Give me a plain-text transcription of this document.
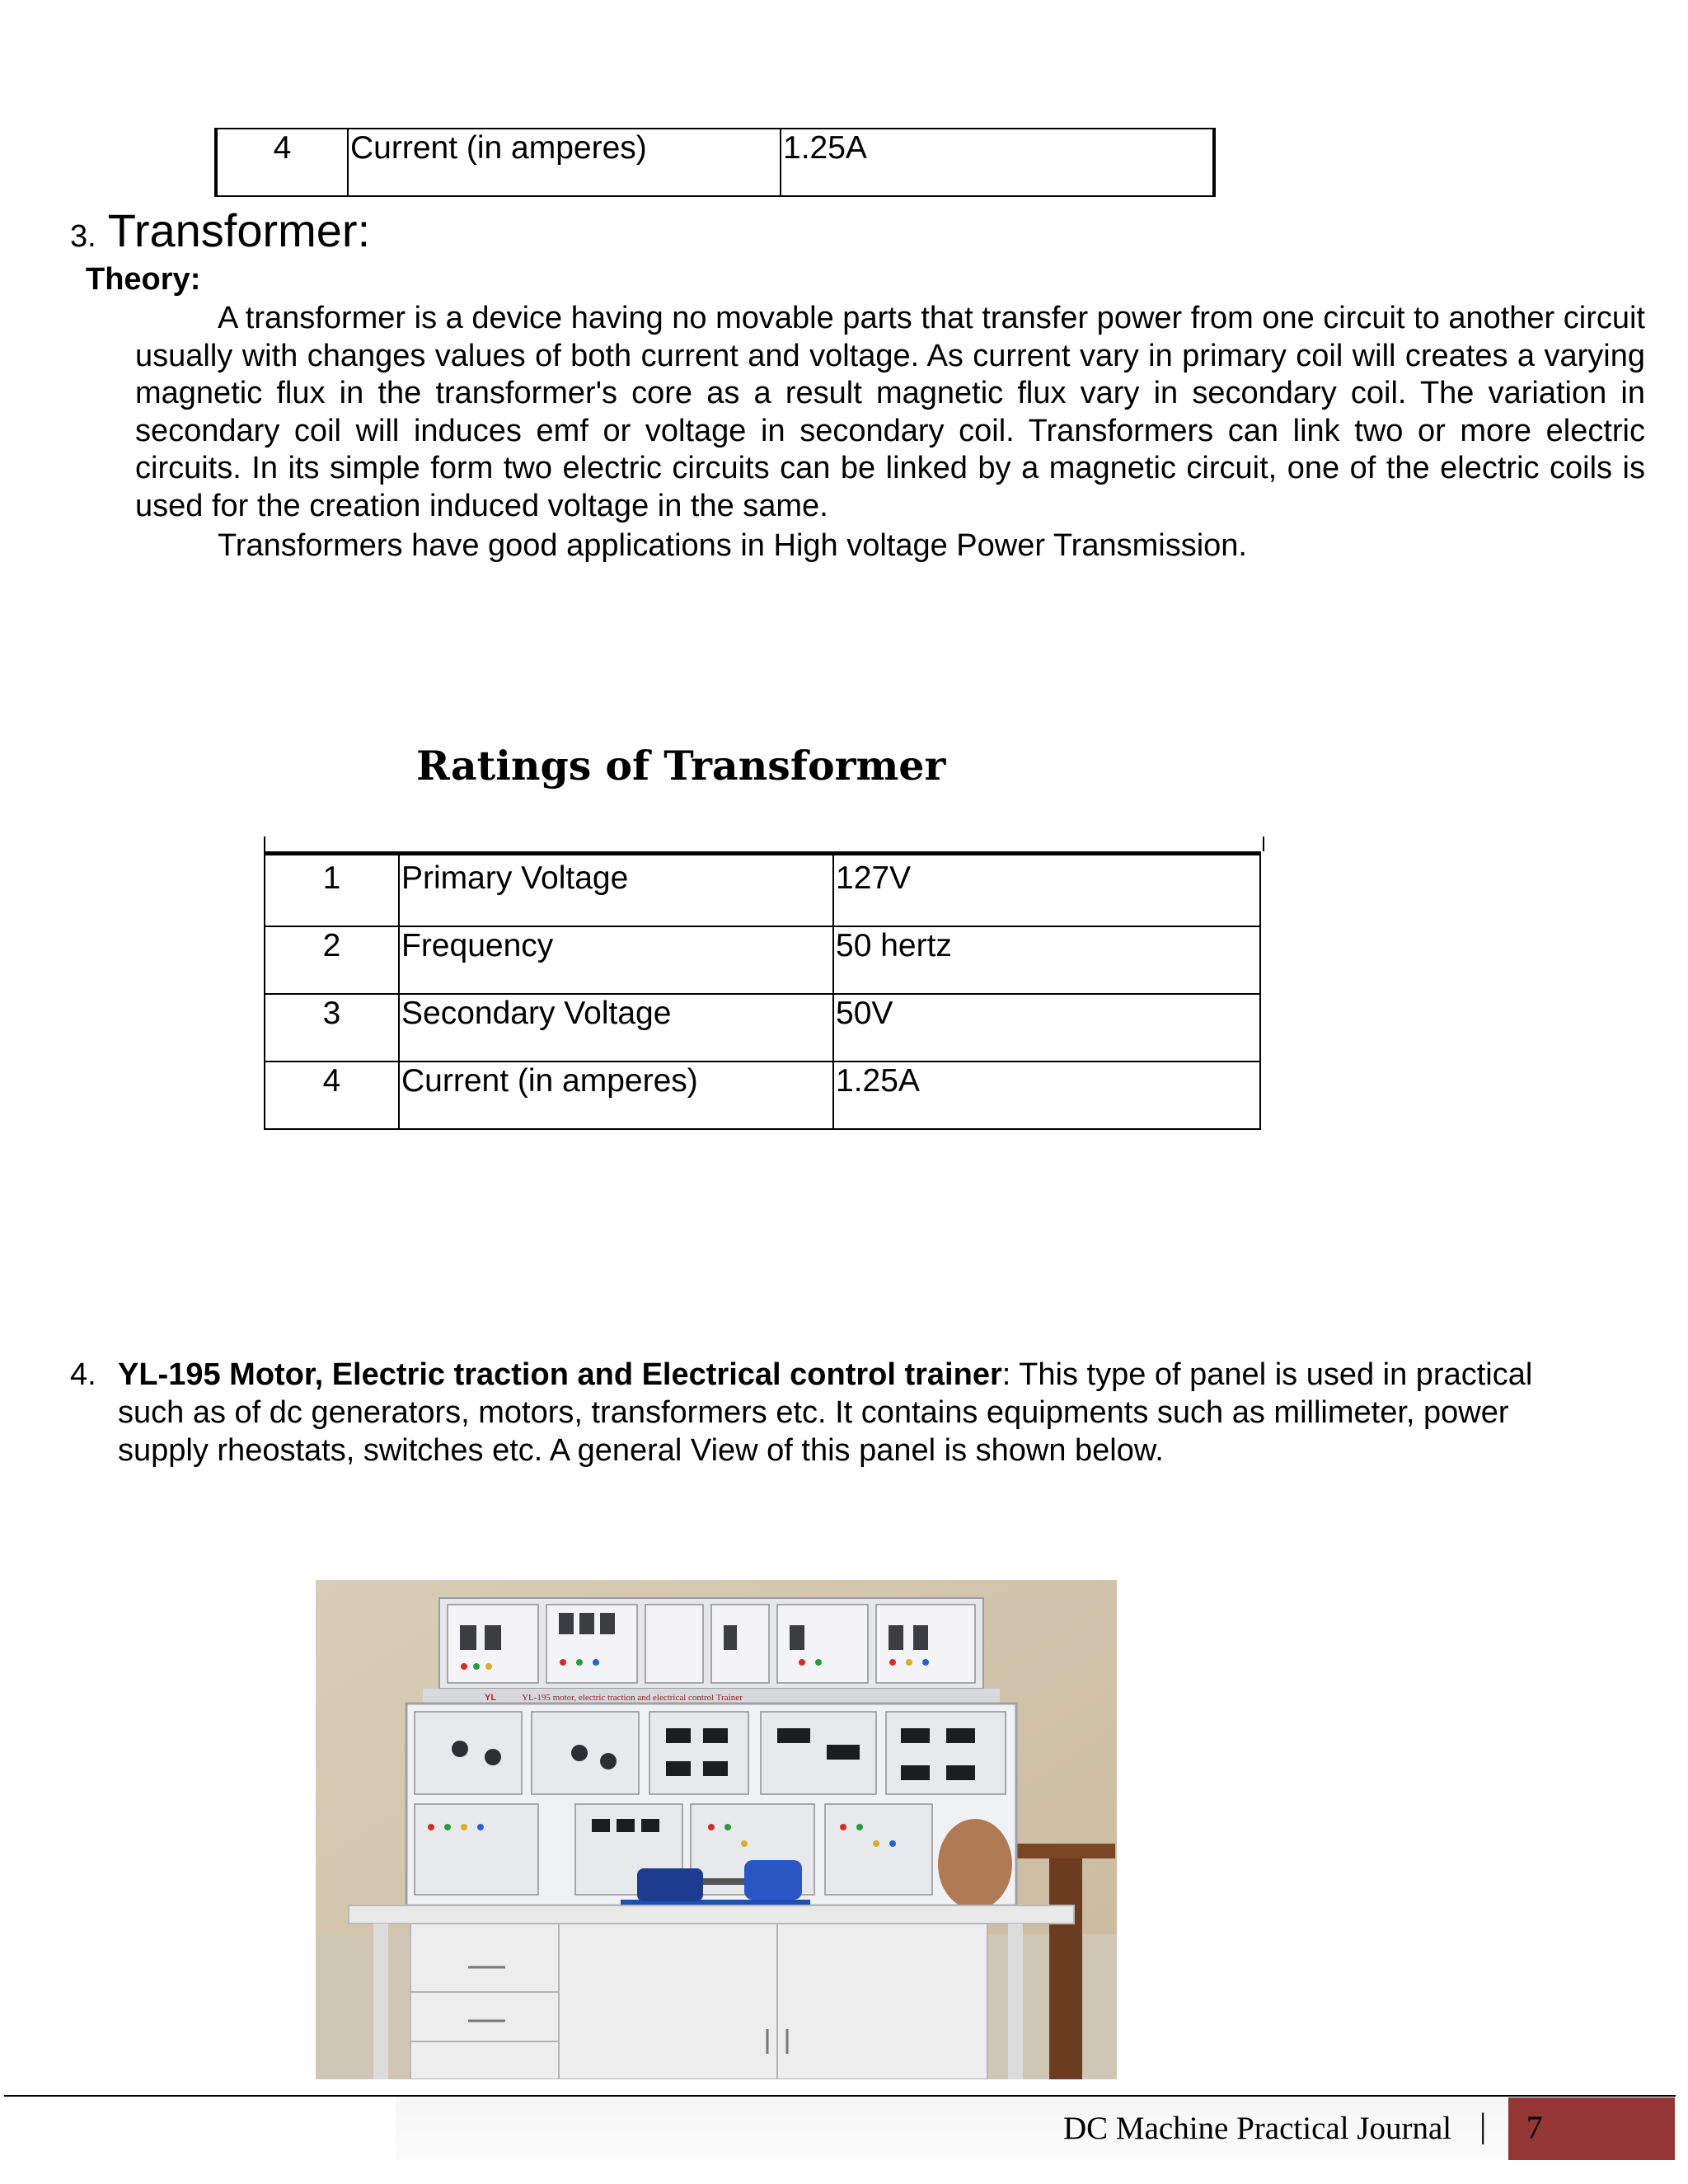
4	Current (in amperes)	1.25A
3. Transformer:
Theory:

A transformer is a device having no movable parts that transfer power from one circuit to another circuit usually with changes values of both current and voltage. As current vary in primary coil will creates a varying magnetic flux in the transformer's core as a result magnetic flux vary in secondary coil. The variation in secondary coil will induces emf or voltage in secondary coil. Transformers can link two or more electric circuits. In its simple form two electric circuits can be linked by a magnetic circuit, one of the electric coils is used for the creation induced voltage in the same.

Transformers have good applications in High voltage Power Transmission.
Ratings of Transformer
1	Primary Voltage	127V
2	Frequency	50 hertz
3	Secondary Voltage	50V
4	Current (in amperes)	1.25A
4. YL-195 Motor, Electric traction and Electrical control trainer: This type of panel is used in practical
such as of dc generators, motors, transformers etc. It contains equipments such as millimeter, power
supply rheostats, switches etc. A general View of this panel is shown below.
YL-195 motor, electric traction and electrical control Trainer
YL
DC Machine Practical Journal |	7
